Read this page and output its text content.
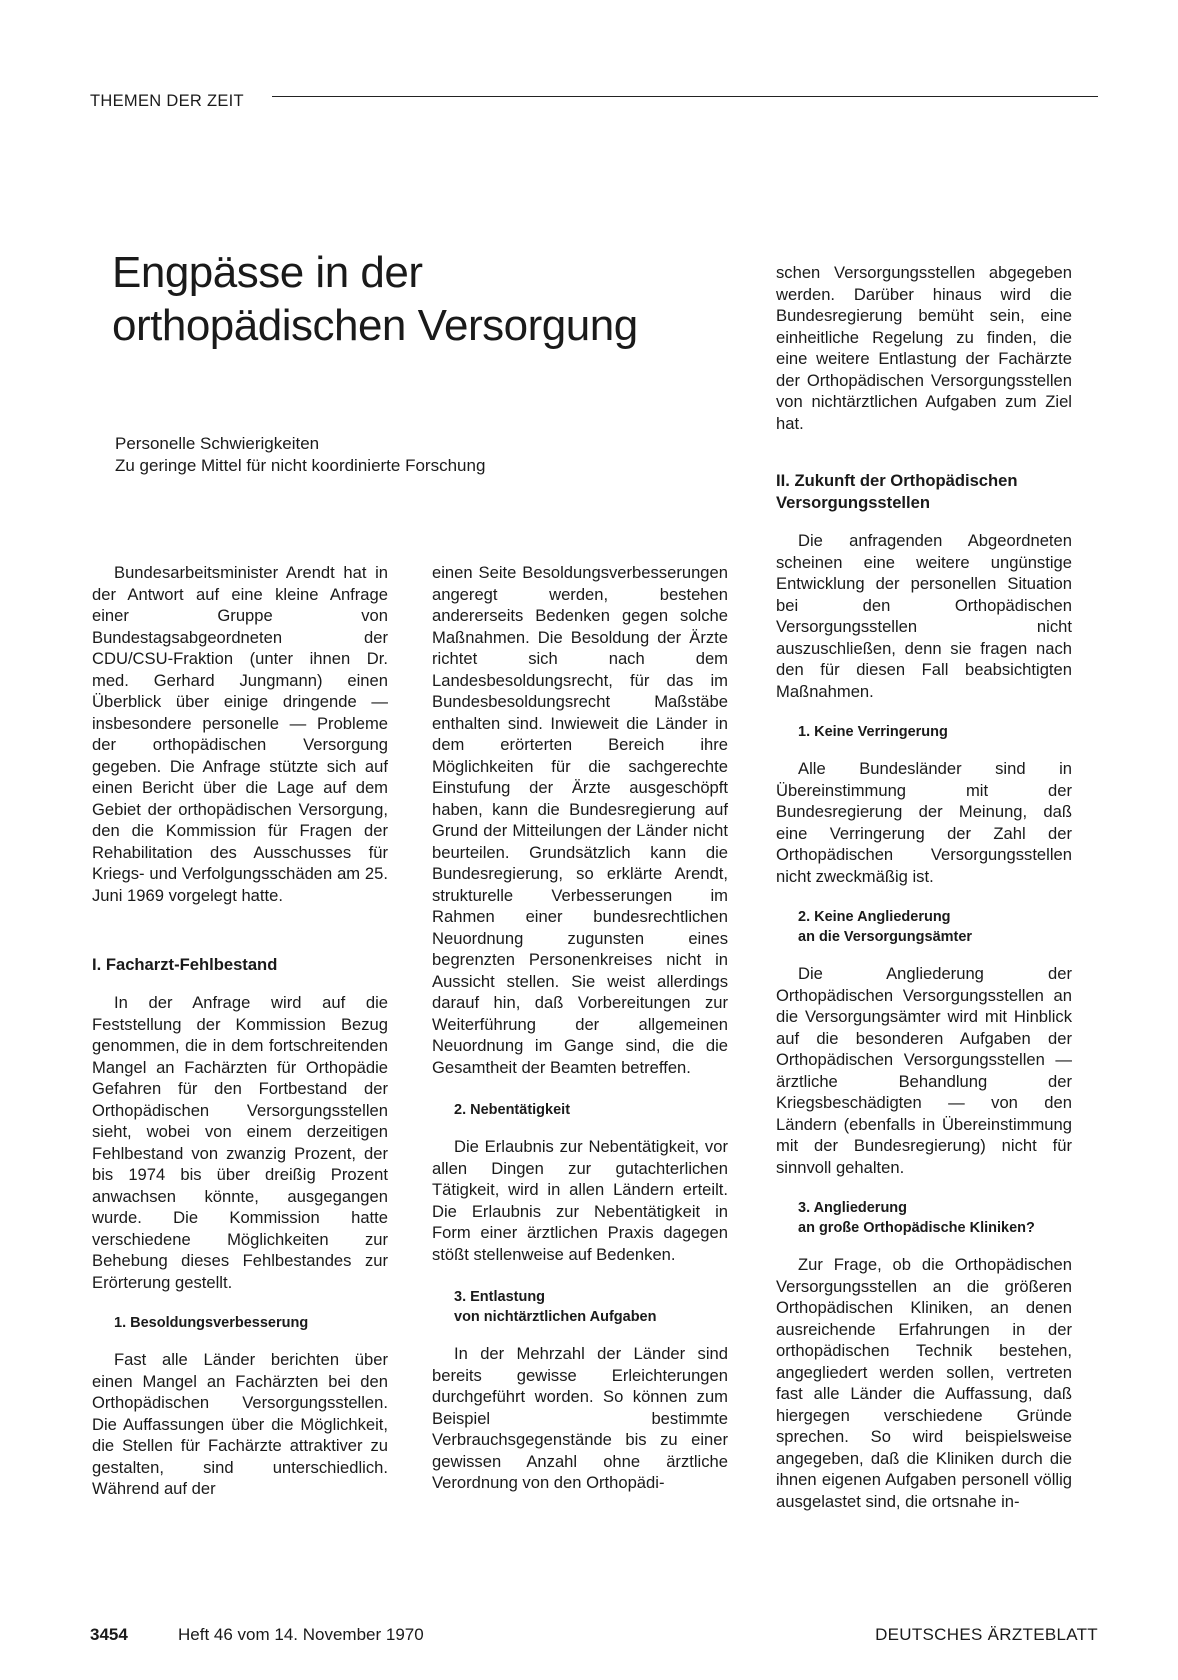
THEMEN DER ZEIT
Engpässe in der
orthopädischen Versorgung
Personelle Schwierigkeiten
Zu geringe Mittel für nicht koordinierte Forschung

Bundesarbeitsminister Arendt hat in der Antwort auf eine kleine Anfrage einer Gruppe von Bundestagsabgeordneten der CDU/CSU-Fraktion (unter ihnen Dr. med. Gerhard Jungmann) einen Überblick über einige dringende — insbesondere personelle — Probleme der orthopädischen Versorgung gegeben. Die Anfrage stützte sich auf einen Bericht über die Lage auf dem Gebiet der orthopädischen Versorgung, den die Kommission für Fragen der Rehabilitation des Ausschusses für Kriegs- und Verfolgungsschäden am 25. Juni 1969 vorgelegt hatte.

I. Facharzt-Fehlbestand

In der Anfrage wird auf die Feststellung der Kommission Bezug genommen, die in dem fortschreitenden Mangel an Fachärzten für Orthopädie Gefahren für den Fortbestand der Orthopädischen Versorgungsstellen sieht, wobei von einem derzeitigen Fehlbestand von zwanzig Prozent, der bis 1974 bis über dreißig Prozent anwachsen könnte, ausgegangen wurde. Die Kommission hatte verschiedene Möglichkeiten zur Behebung dieses Fehlbestandes zur Erörterung gestellt.

1. Besoldungsverbesserung

Fast alle Länder berichten über einen Mangel an Fachärzten bei den Orthopädischen Versorgungsstellen. Die Auffassungen über die Möglichkeit, die Stellen für Fachärzte attraktiver zu gestalten, sind unterschiedlich. Während auf der

einen Seite Besoldungsverbesserungen angeregt werden, bestehen andererseits Bedenken gegen solche Maßnahmen. Die Besoldung der Ärzte richtet sich nach dem Landesbesoldungsrecht, für das im Bundesbesoldungsrecht Maßstäbe enthalten sind. Inwieweit die Länder in dem erörterten Bereich ihre Möglichkeiten für die sachgerechte Einstufung der Ärzte ausgeschöpft haben, kann die Bundesregierung auf Grund der Mitteilungen der Länder nicht beurteilen. Grundsätzlich kann die Bundesregierung, so erklärte Arendt, strukturelle Verbesserungen im Rahmen einer bundesrechtlichen Neuordnung zugunsten eines begrenzten Personenkreises nicht in Aussicht stellen. Sie weist allerdings darauf hin, daß Vorbereitungen zur Weiterführung der allgemeinen Neuordnung im Gange sind, die die Gesamtheit der Beamten betreffen.

2. Nebentätigkeit

Die Erlaubnis zur Nebentätigkeit, vor allen Dingen zur gutachterlichen Tätigkeit, wird in allen Ländern erteilt. Die Erlaubnis zur Nebentätigkeit in Form einer ärztlichen Praxis dagegen stößt stellenweise auf Bedenken.

3. Entlastung
von nichtärztlichen Aufgaben

In der Mehrzahl der Länder sind bereits gewisse Erleichterungen durchgeführt worden. So können zum Beispiel bestimmte Verbrauchsgegenstände bis zu einer gewissen Anzahl ohne ärztliche Verordnung von den Orthopädi-

schen Versorgungsstellen abgegeben werden. Darüber hinaus wird die Bundesregierung bemüht sein, eine einheitliche Regelung zu finden, die eine weitere Entlastung der Fachärzte der Orthopädischen Versorgungsstellen von nichtärztlichen Aufgaben zum Ziel hat.

II. Zukunft der Orthopädischen
Versorgungsstellen

Die anfragenden Abgeordneten scheinen eine weitere ungünstige Entwicklung der personellen Situation bei den Orthopädischen Versorgungsstellen nicht auszuschließen, denn sie fragen nach den für diesen Fall beabsichtigten Maßnahmen.

1. Keine Verringerung

Alle Bundesländer sind in Übereinstimmung mit der Bundesregierung der Meinung, daß eine Verringerung der Zahl der Orthopädischen Versorgungsstellen nicht zweckmäßig ist.

2. Keine Angliederung
an die Versorgungsämter

Die Angliederung der Orthopädischen Versorgungsstellen an die Versorgungsämter wird mit Hinblick auf die besonderen Aufgaben der Orthopädischen Versorgungsstellen — ärztliche Behandlung der Kriegsbeschädigten — von den Ländern (ebenfalls in Übereinstimmung mit der Bundesregierung) nicht für sinnvoll gehalten.

3. Angliederung
an große Orthopädische Kliniken?

Zur Frage, ob die Orthopädischen Versorgungsstellen an die größeren Orthopädischen Kliniken, an denen ausreichende Erfahrungen in der orthopädischen Technik bestehen, angegliedert werden sollen, vertreten fast alle Länder die Auffassung, daß hiergegen verschiedene Gründe sprechen. So wird beispielsweise angegeben, daß die Kliniken durch die ihnen eigenen Aufgaben personell völlig ausgelastet sind, die ortsnahe in-

3454	Heft 46 vom 14. November 1970	DEUTSCHES ÄRZTEBLATT
